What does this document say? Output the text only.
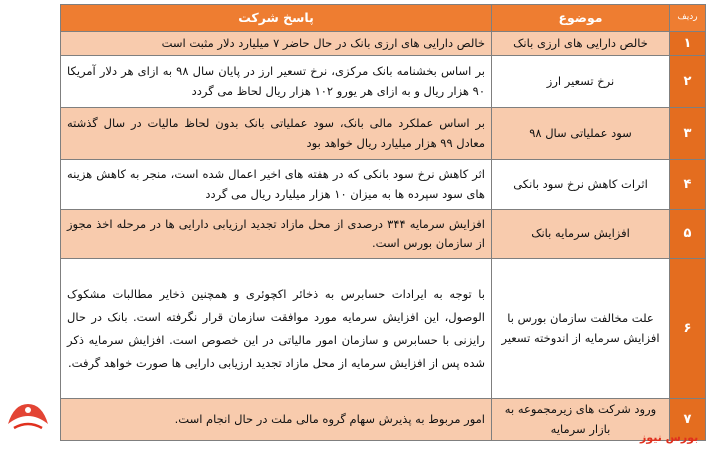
ردیف	موضوع	پاسخ شرکت
۱	خالص دارایی های ارزی بانک	خالص دارایی های ارزی بانک در حال حاضر ۷ میلیارد دلار مثبت است
۲	نرخ تسعیر ارز	بر اساس بخشنامه بانک مرکزی، نرخ تسعیر ارز در پایان سال ۹۸ به ازای هر دلار آمریکا ۹۰ هزار ریال و به ازای هر یورو ۱۰۲ هزار ریال لحاظ می گردد
۳	سود عملیاتی سال ۹۸	بر اساس عملکرد مالی بانک، سود عملیاتی بانک بدون لحاظ مالیات در سال گذشته معادل ۹۹ هزار میلیارد ریال خواهد بود
۴	اثرات کاهش نرخ سود بانکی	اثر کاهش نرخ سود بانکی که در هفته های اخیر اعمال شده است، منجر به کاهش هزینه های سود سپرده ها به میزان ۱۰ هزار میلیارد ریال می گردد
۵	افزایش سرمایه بانک	افزایش سرمایه ۳۴۴ درصدی از محل مازاد تجدید ارزیابی دارایی ها در مرحله اخذ مجوز از سازمان بورس است.
۶	علت مخالفت سازمان بورس با افزایش سرمایه از اندوخته تسعیر	با توجه به ایرادات حسابرس به ذخائر اکچوئری و همچنین ذخایر مطالبات مشکوک الوصول، این افزایش سرمایه مورد موافقت سازمان قرار نگرفته است. بانک در حال رایزنی با حسابرس و سازمان امور مالیاتی در این خصوص است. افزایش سرمایه ذکر شده پس از افزایش سرمایه از محل مازاد تجدید ارزیابی دارایی ها صورت خواهد گرفت.
۷	ورود شرکت های زیرمجموعه به بازار سرمایه	امور مربوط به پذیرش سهام گروه مالی ملت در حال انجام است.
بورس نیوز
